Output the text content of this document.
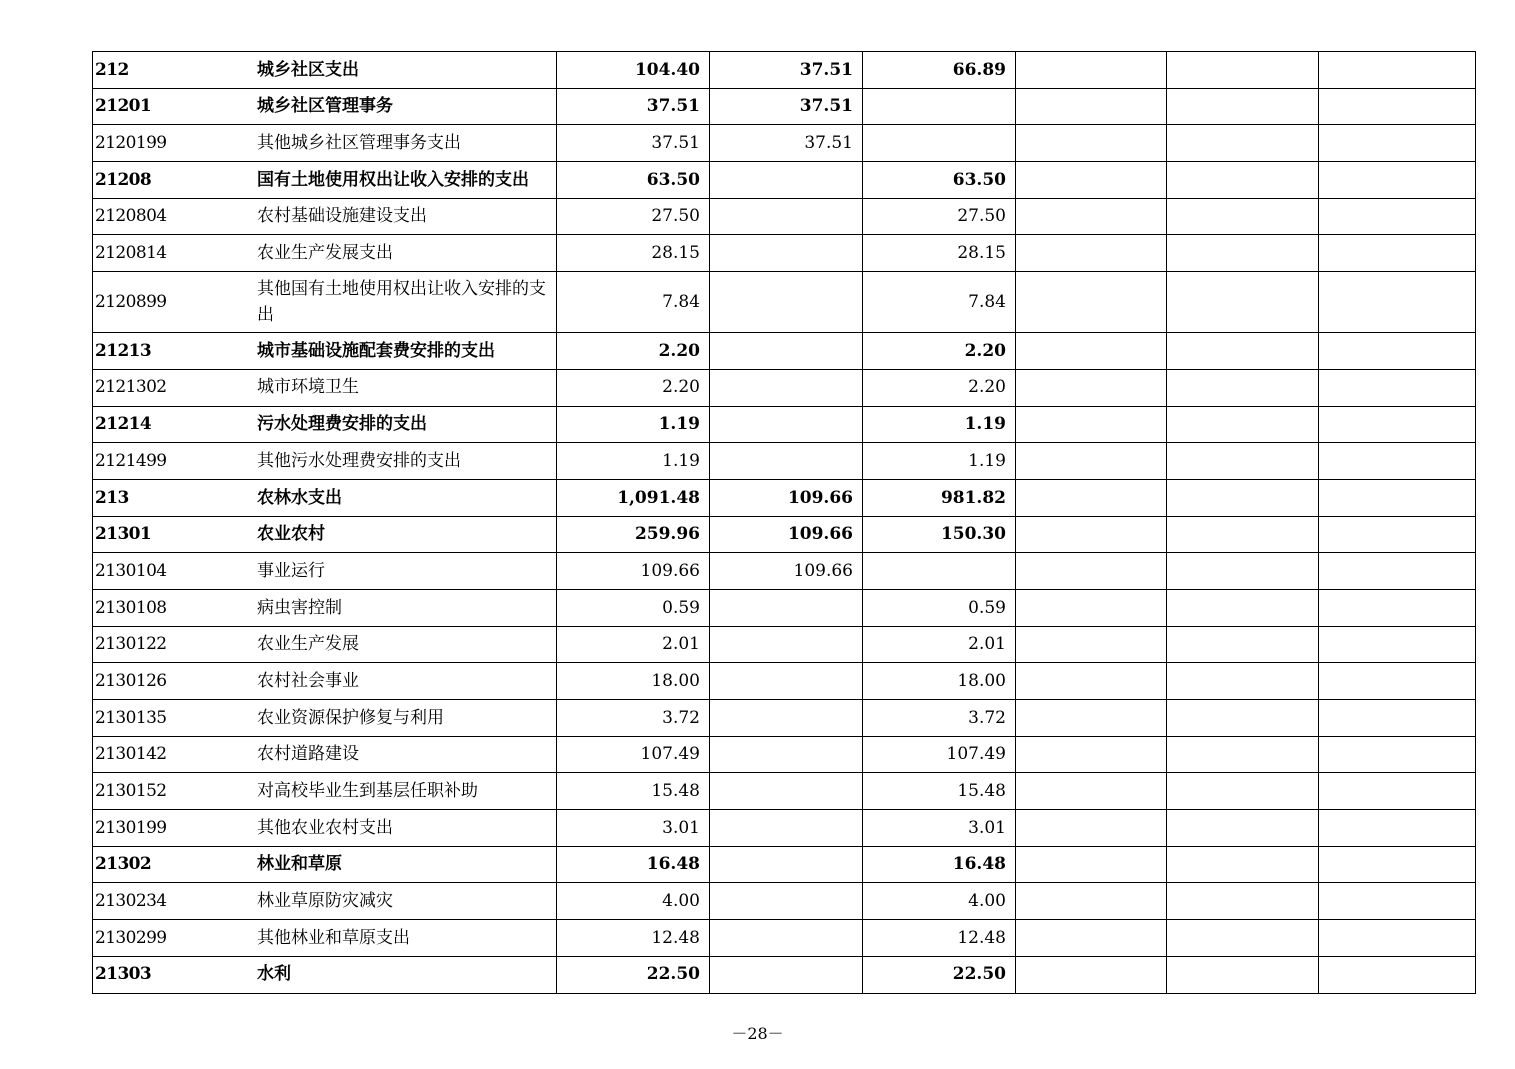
212	城乡社区支出	104.40	37.51	66.89			
21201	城乡社区管理事务	37.51	37.51				
2120199	其他城乡社区管理事务支出	37.51	37.51				
21208	国有土地使用权出让收入安排的支出	63.50		63.50			
2120804	农村基础设施建设支出	27.50		27.50			
2120814	农业生产发展支出	28.15		28.15			
2120899	其他国有土地使用权出让收入安排的支出	7.84		7.84			
21213	城市基础设施配套费安排的支出	2.20		2.20			
2121302	城市环境卫生	2.20		2.20			
21214	污水处理费安排的支出	1.19		1.19			
2121499	其他污水处理费安排的支出	1.19		1.19			
213	农林水支出	1,091.48	109.66	981.82			
21301	农业农村	259.96	109.66	150.30			
2130104	事业运行	109.66	109.66				
2130108	病虫害控制	0.59		0.59			
2130122	农业生产发展	2.01		2.01			
2130126	农村社会事业	18.00		18.00			
2130135	农业资源保护修复与利用	3.72		3.72			
2130142	农村道路建设	107.49		107.49			
2130152	对高校毕业生到基层任职补助	15.48		15.48			
2130199	其他农业农村支出	3.01		3.01			
21302	林业和草原	16.48		16.48			
2130234	林业草原防灾减灾	4.00		4.00			
2130299	其他林业和草原支出	12.48		12.48			
21303	水利	22.50		22.50			
－28－
